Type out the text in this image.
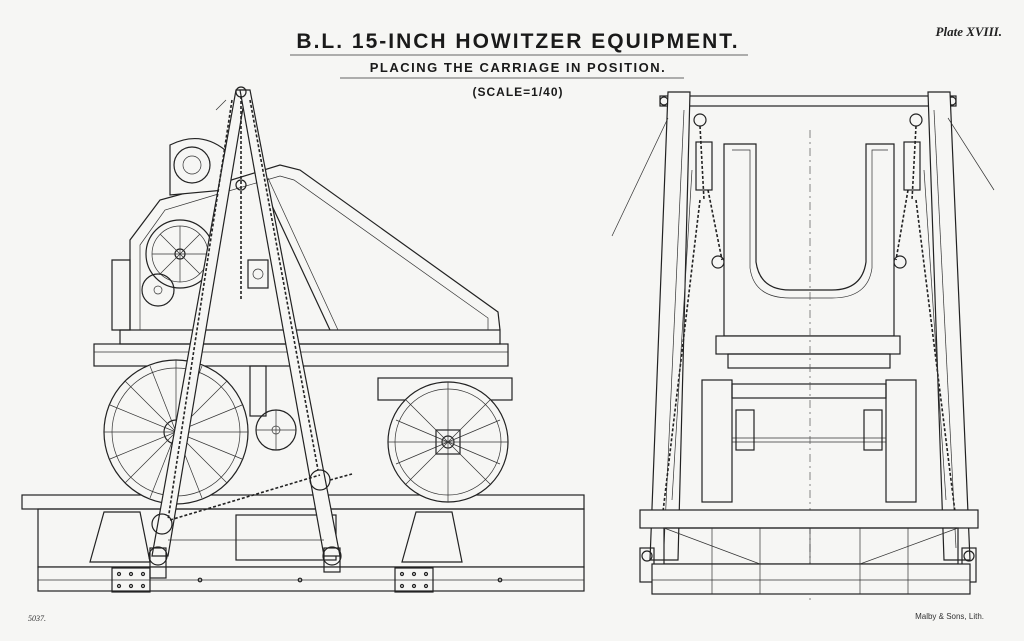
B.L. 15-INCH HOWITZER EQUIPMENT.
PLACING THE CARRIAGE IN POSITION.
(SCALE=1/40)
Plate XVIII.
5037.	Malby & Sons, Lith.
